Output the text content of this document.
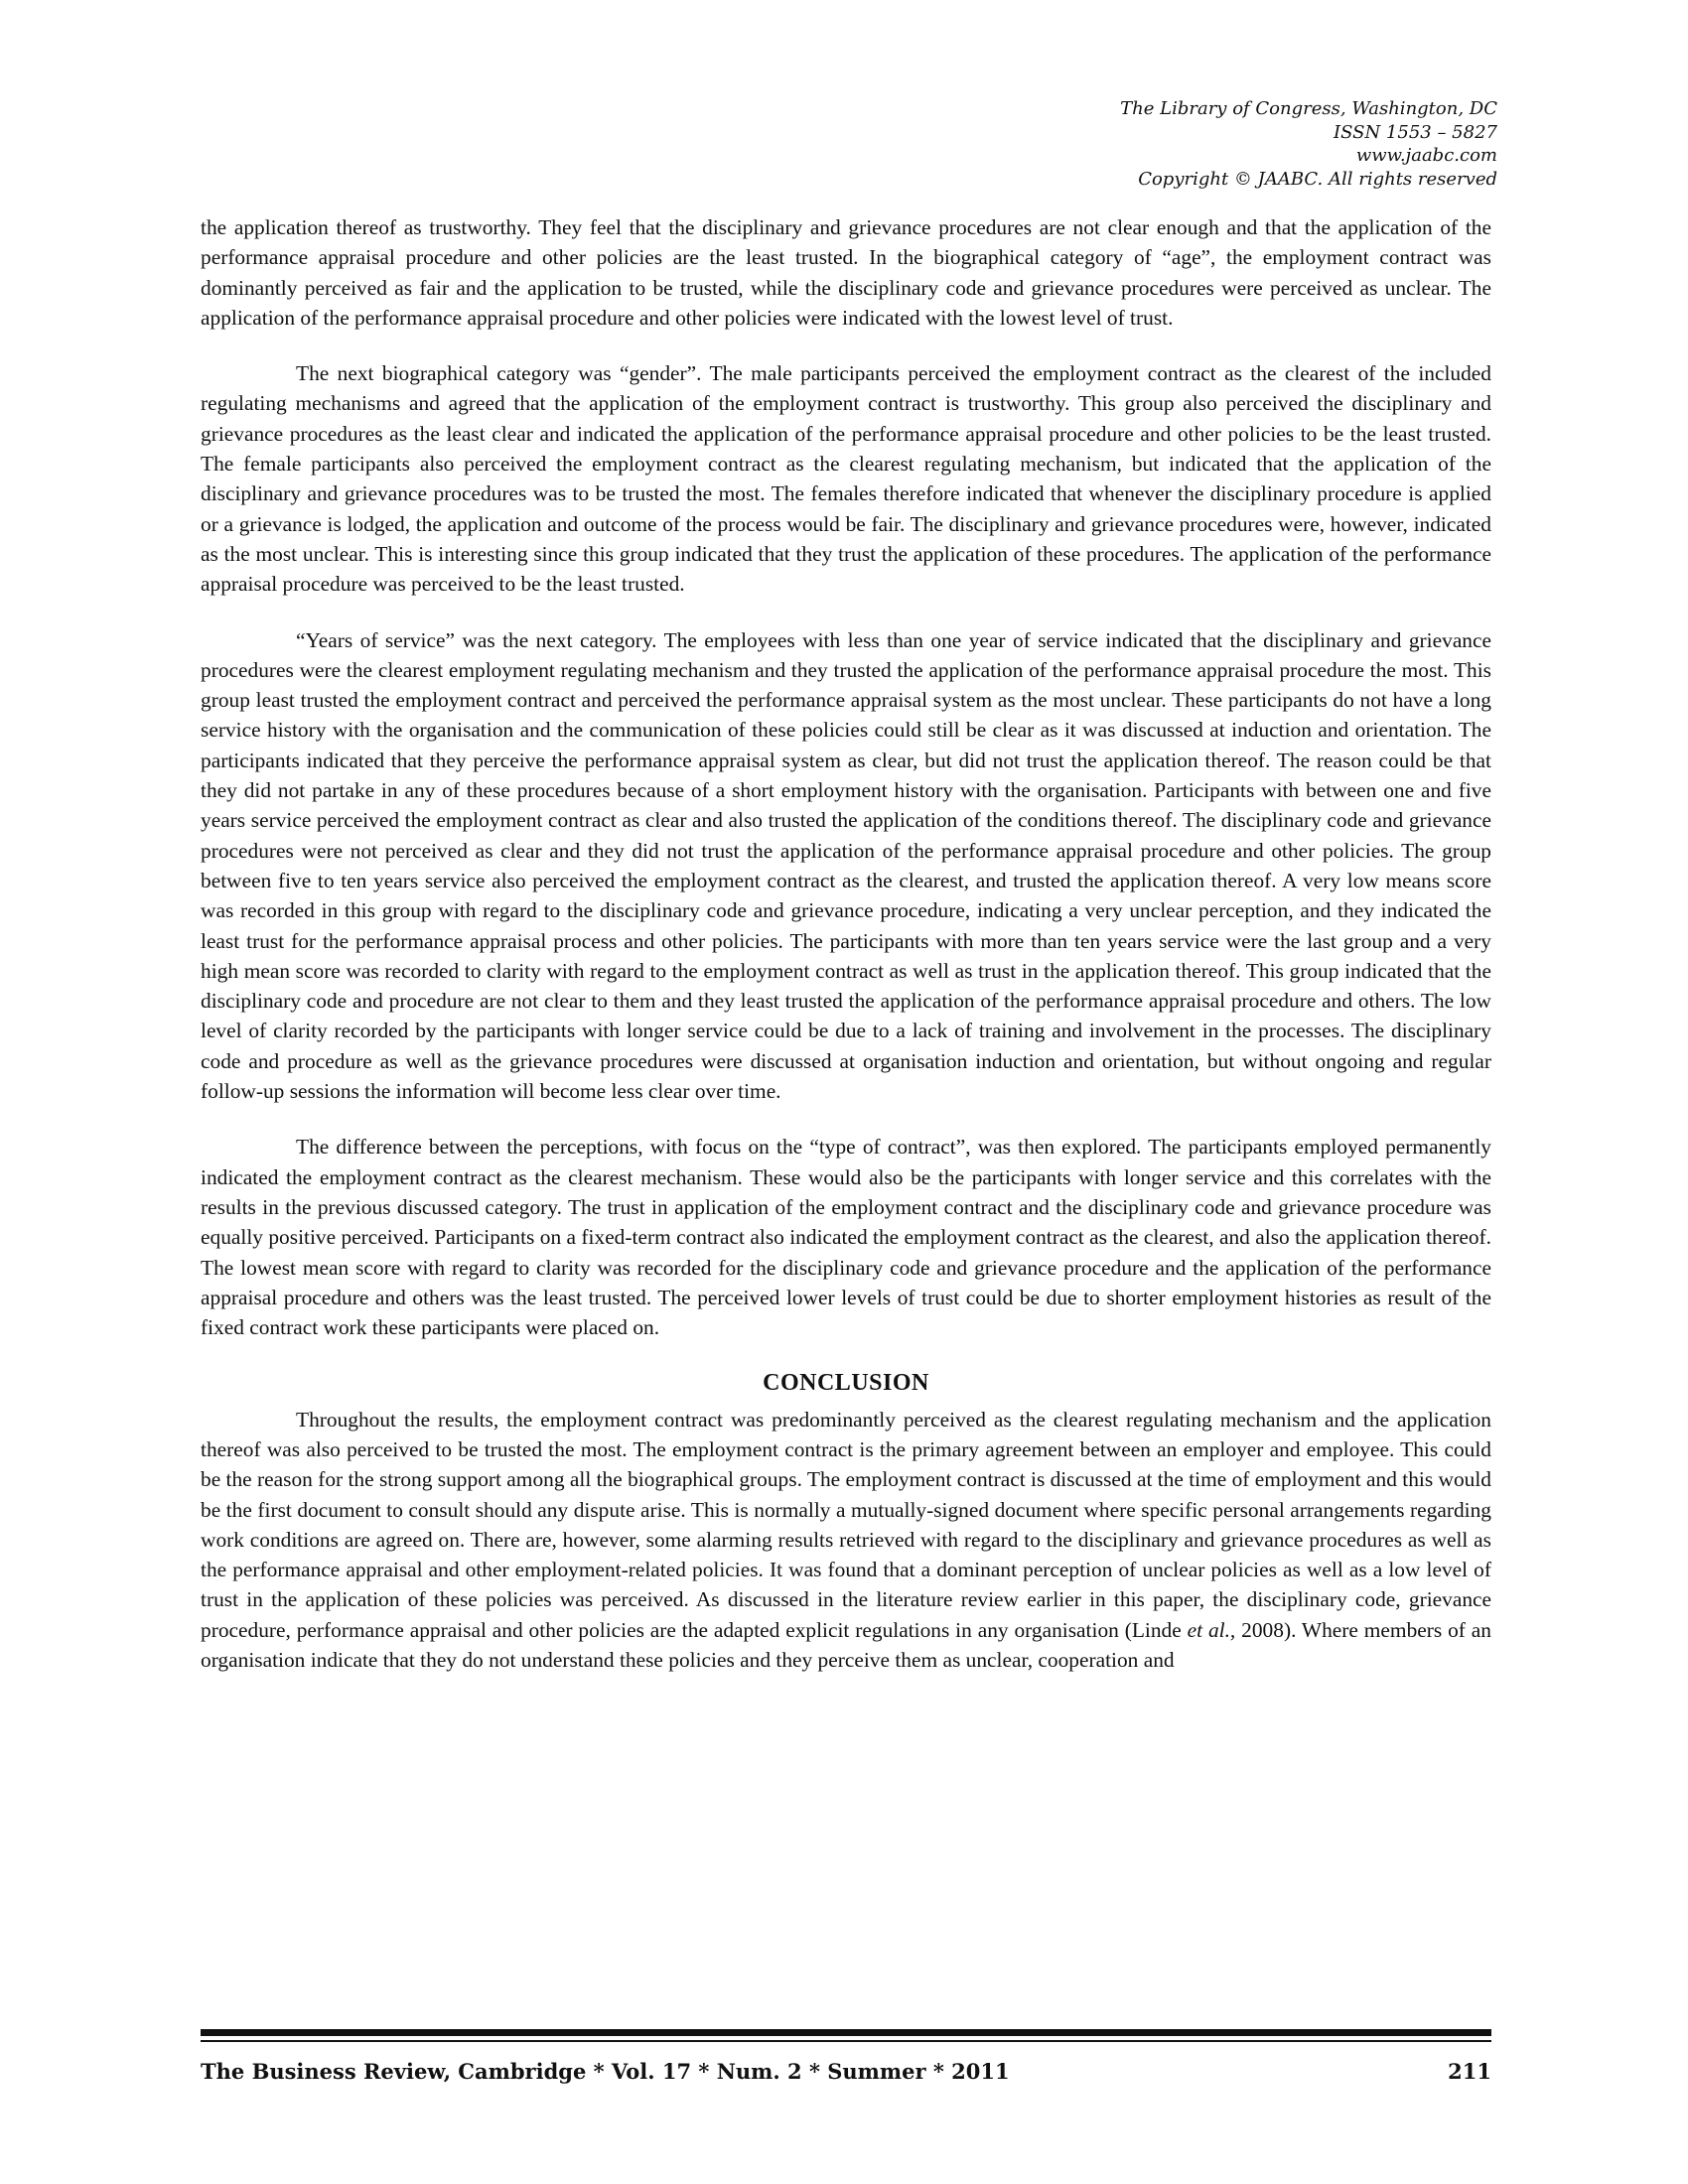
The Library of Congress, Washington, DC
ISSN 1553 – 5827
www.jaabc.com
Copyright © JAABC. All rights reserved

the application thereof as trustworthy. They feel that the disciplinary and grievance procedures are not clear enough and that the application of the performance appraisal procedure and other policies are the least trusted. In the biographical category of “age”, the employment contract was dominantly perceived as fair and the application to be trusted, while the disciplinary code and grievance procedures were perceived as unclear. The application of the performance appraisal procedure and other policies were indicated with the lowest level of trust.

The next biographical category was “gender”. The male participants perceived the employment contract as the clearest of the included regulating mechanisms and agreed that the application of the employment contract is trustworthy. This group also perceived the disciplinary and grievance procedures as the least clear and indicated the application of the performance appraisal procedure and other policies to be the least trusted. The female participants also perceived the employment contract as the clearest regulating mechanism, but indicated that the application of the disciplinary and grievance procedures was to be trusted the most. The females therefore indicated that whenever the disciplinary procedure is applied or a grievance is lodged, the application and outcome of the process would be fair. The disciplinary and grievance procedures were, however, indicated as the most unclear. This is interesting since this group indicated that they trust the application of these procedures. The application of the performance appraisal procedure was perceived to be the least trusted.

“Years of service” was the next category. The employees with less than one year of service indicated that the disciplinary and grievance procedures were the clearest employment regulating mechanism and they trusted the application of the performance appraisal procedure the most. This group least trusted the employment contract and perceived the performance appraisal system as the most unclear. These participants do not have a long service history with the organisation and the communication of these policies could still be clear as it was discussed at induction and orientation. The participants indicated that they perceive the performance appraisal system as clear, but did not trust the application thereof. The reason could be that they did not partake in any of these procedures because of a short employment history with the organisation. Participants with between one and five years service perceived the employment contract as clear and also trusted the application of the conditions thereof. The disciplinary code and grievance procedures were not perceived as clear and they did not trust the application of the performance appraisal procedure and other policies. The group between five to ten years service also perceived the employment contract as the clearest, and trusted the application thereof. A very low means score was recorded in this group with regard to the disciplinary code and grievance procedure, indicating a very unclear perception, and they indicated the least trust for the performance appraisal process and other policies. The participants with more than ten years service were the last group and a very high mean score was recorded to clarity with regard to the employment contract as well as trust in the application thereof. This group indicated that the disciplinary code and procedure are not clear to them and they least trusted the application of the performance appraisal procedure and others. The low level of clarity recorded by the participants with longer service could be due to a lack of training and involvement in the processes. The disciplinary code and procedure as well as the grievance procedures were discussed at organisation induction and orientation, but without ongoing and regular follow-up sessions the information will become less clear over time.

The difference between the perceptions, with focus on the “type of contract”, was then explored. The participants employed permanently indicated the employment contract as the clearest mechanism. These would also be the participants with longer service and this correlates with the results in the previous discussed category. The trust in application of the employment contract and the disciplinary code and grievance procedure was equally positive perceived. Participants on a fixed-term contract also indicated the employment contract as the clearest, and also the application thereof. The lowest mean score with regard to clarity was recorded for the disciplinary code and grievance procedure and the application of the performance appraisal procedure and others was the least trusted. The perceived lower levels of trust could be due to shorter employment histories as result of the fixed contract work these participants were placed on.

CONCLUSION

Throughout the results, the employment contract was predominantly perceived as the clearest regulating mechanism and the application thereof was also perceived to be trusted the most. The employment contract is the primary agreement between an employer and employee. This could be the reason for the strong support among all the biographical groups. The employment contract is discussed at the time of employment and this would be the first document to consult should any dispute arise. This is normally a mutually-signed document where specific personal arrangements regarding work conditions are agreed on. There are, however, some alarming results retrieved with regard to the disciplinary and grievance procedures as well as the performance appraisal and other employment-related policies. It was found that a dominant perception of unclear policies as well as a low level of trust in the application of these policies was perceived. As discussed in the literature review earlier in this paper, the disciplinary code, grievance procedure, performance appraisal and other policies are the adapted explicit regulations in any organisation (Linde et al., 2008). Where members of an organisation indicate that they do not understand these policies and they perceive them as unclear, cooperation and

The Business Review, Cambridge * Vol. 17 * Num. 2 * Summer * 2011	211
